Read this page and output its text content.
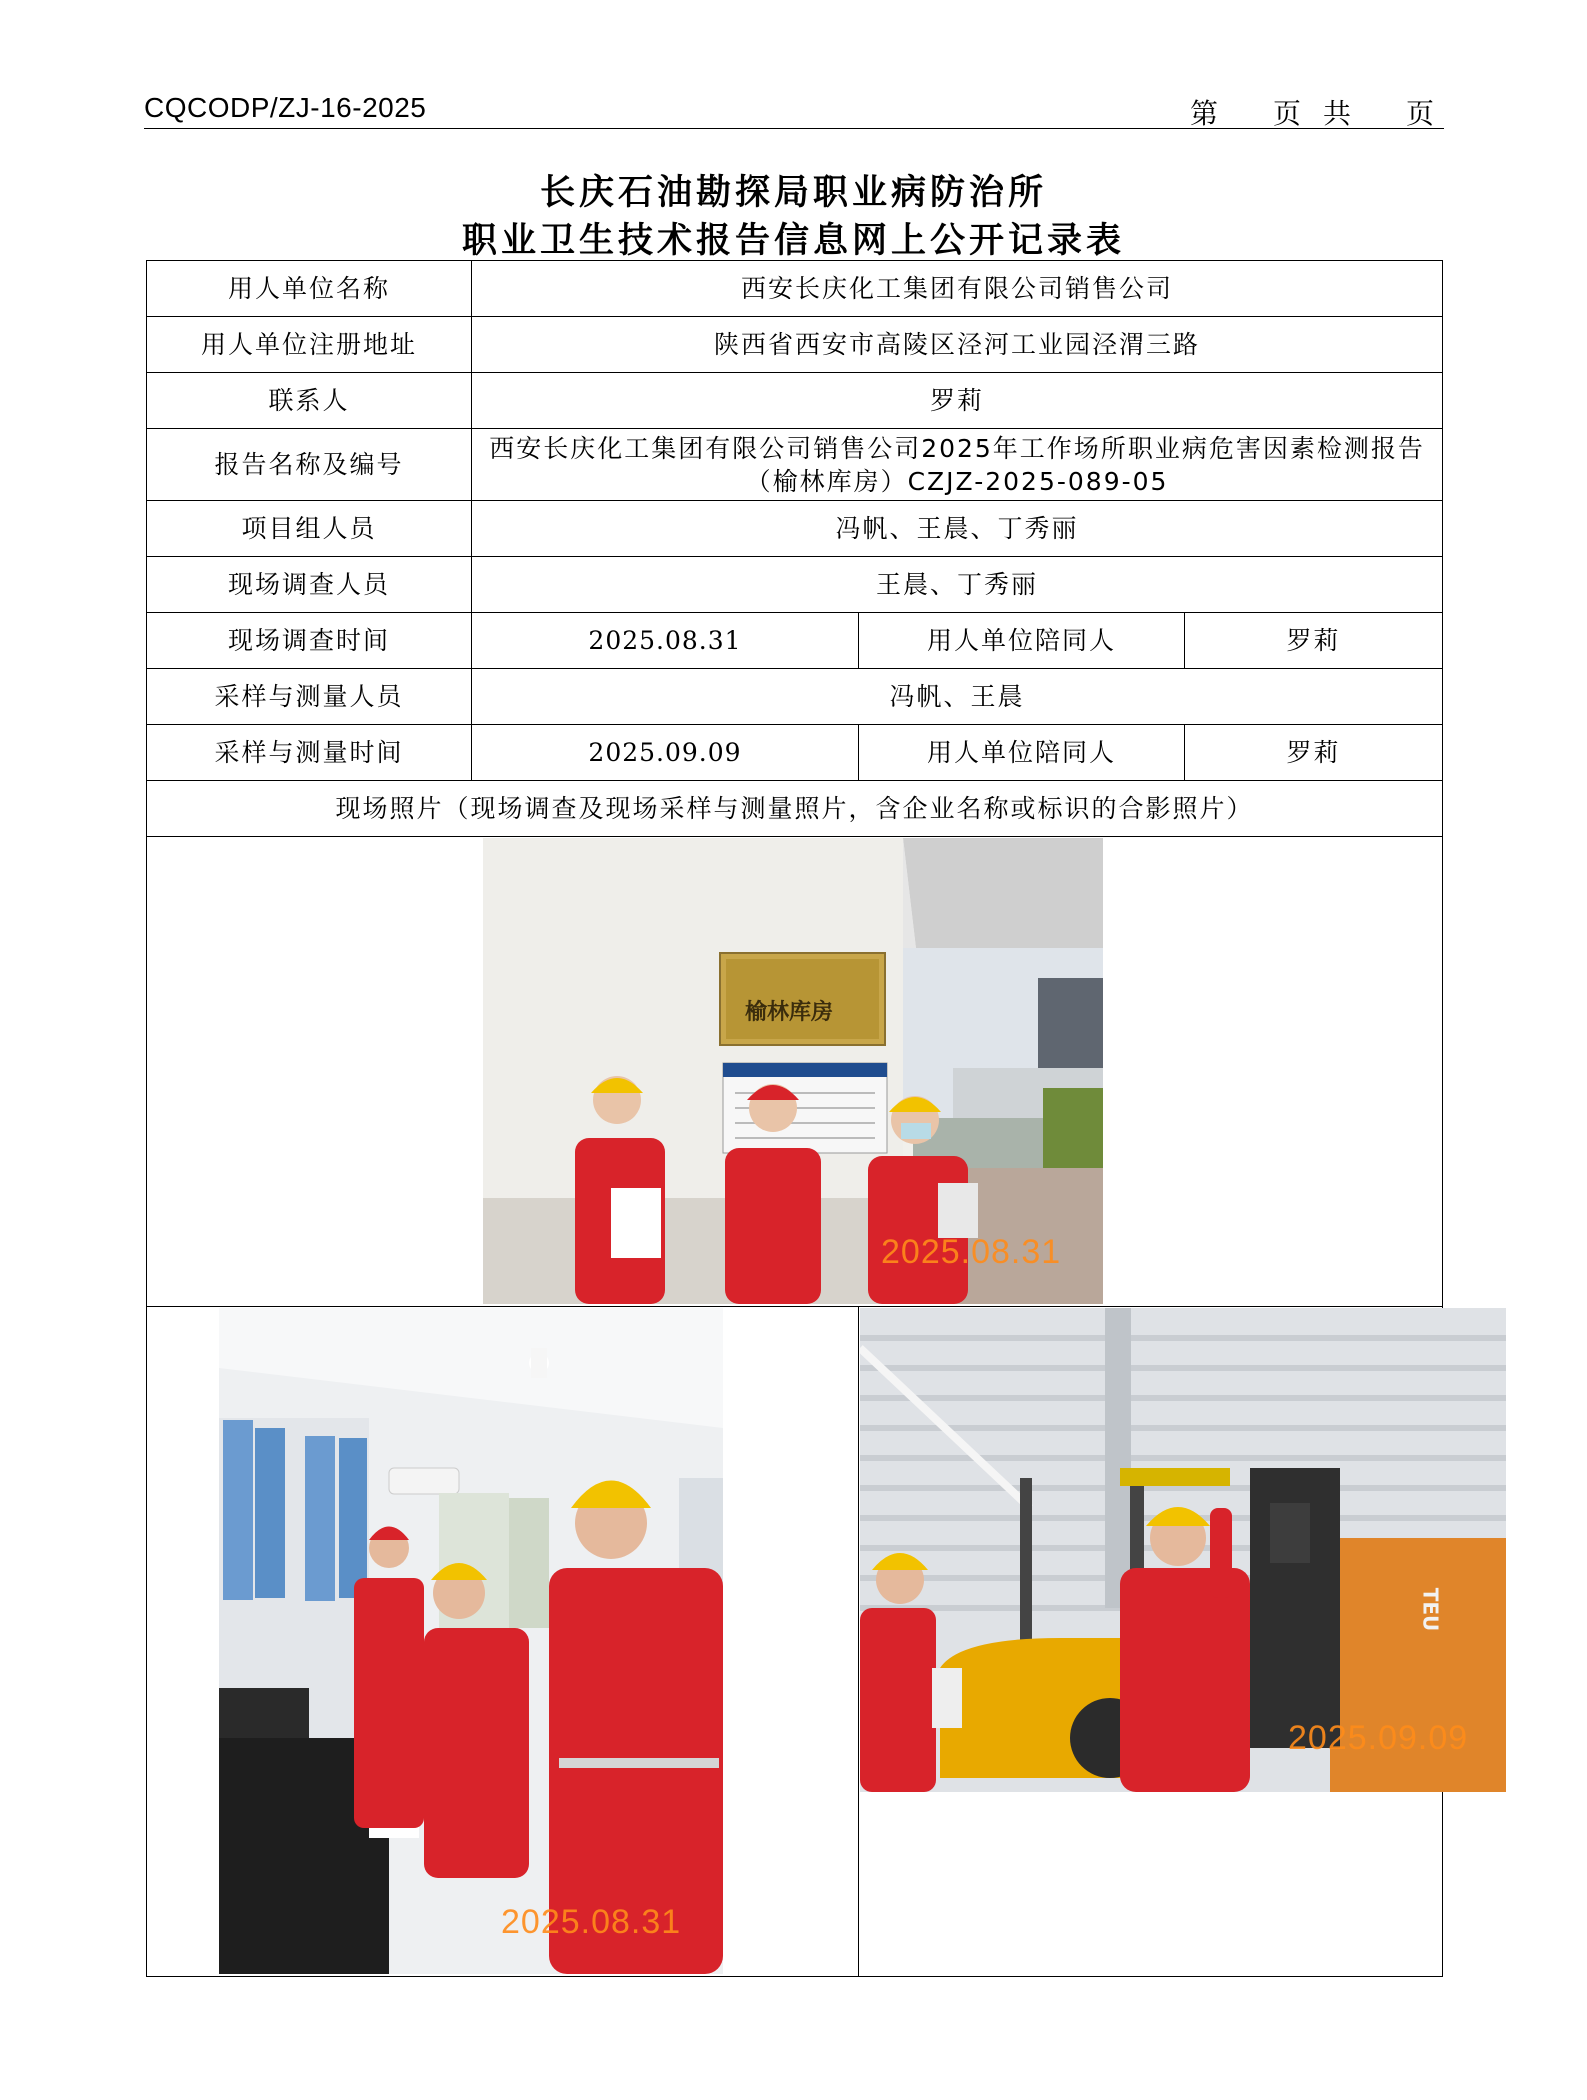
CQCODP/ZJ-16-2025	第 页 共 页
长庆石油勘探局职业病防治所
职业卫生技术报告信息网上公开记录表
用人单位名称	西安长庆化工集团有限公司销售公司		
用人单位注册地址	陕西省西安市高陵区泾河工业园泾渭三路		
联系人	罗莉		
报告名称及编号	西安长庆化工集团有限公司销售公司2025年工作场所职业病危害因素检测报告
（榆林库房）CZJZ-2025-089-05		

项目组人员	冯帆、王晨、丁秀丽		
现场调查人员	王晨、丁秀丽		
现场调查时间	2025.08.31	用人单位陪同人	罗莉
采样与测量人员	冯帆、王晨		
采样与测量时间	2025.09.09	用人单位陪同人	罗莉
现场照片（现场调查及现场采样与测量照片，含企业名称或标识的合影照片）			

榆林库房
2025.08.31			

2025.08.31		TEU
2025.09.09	
